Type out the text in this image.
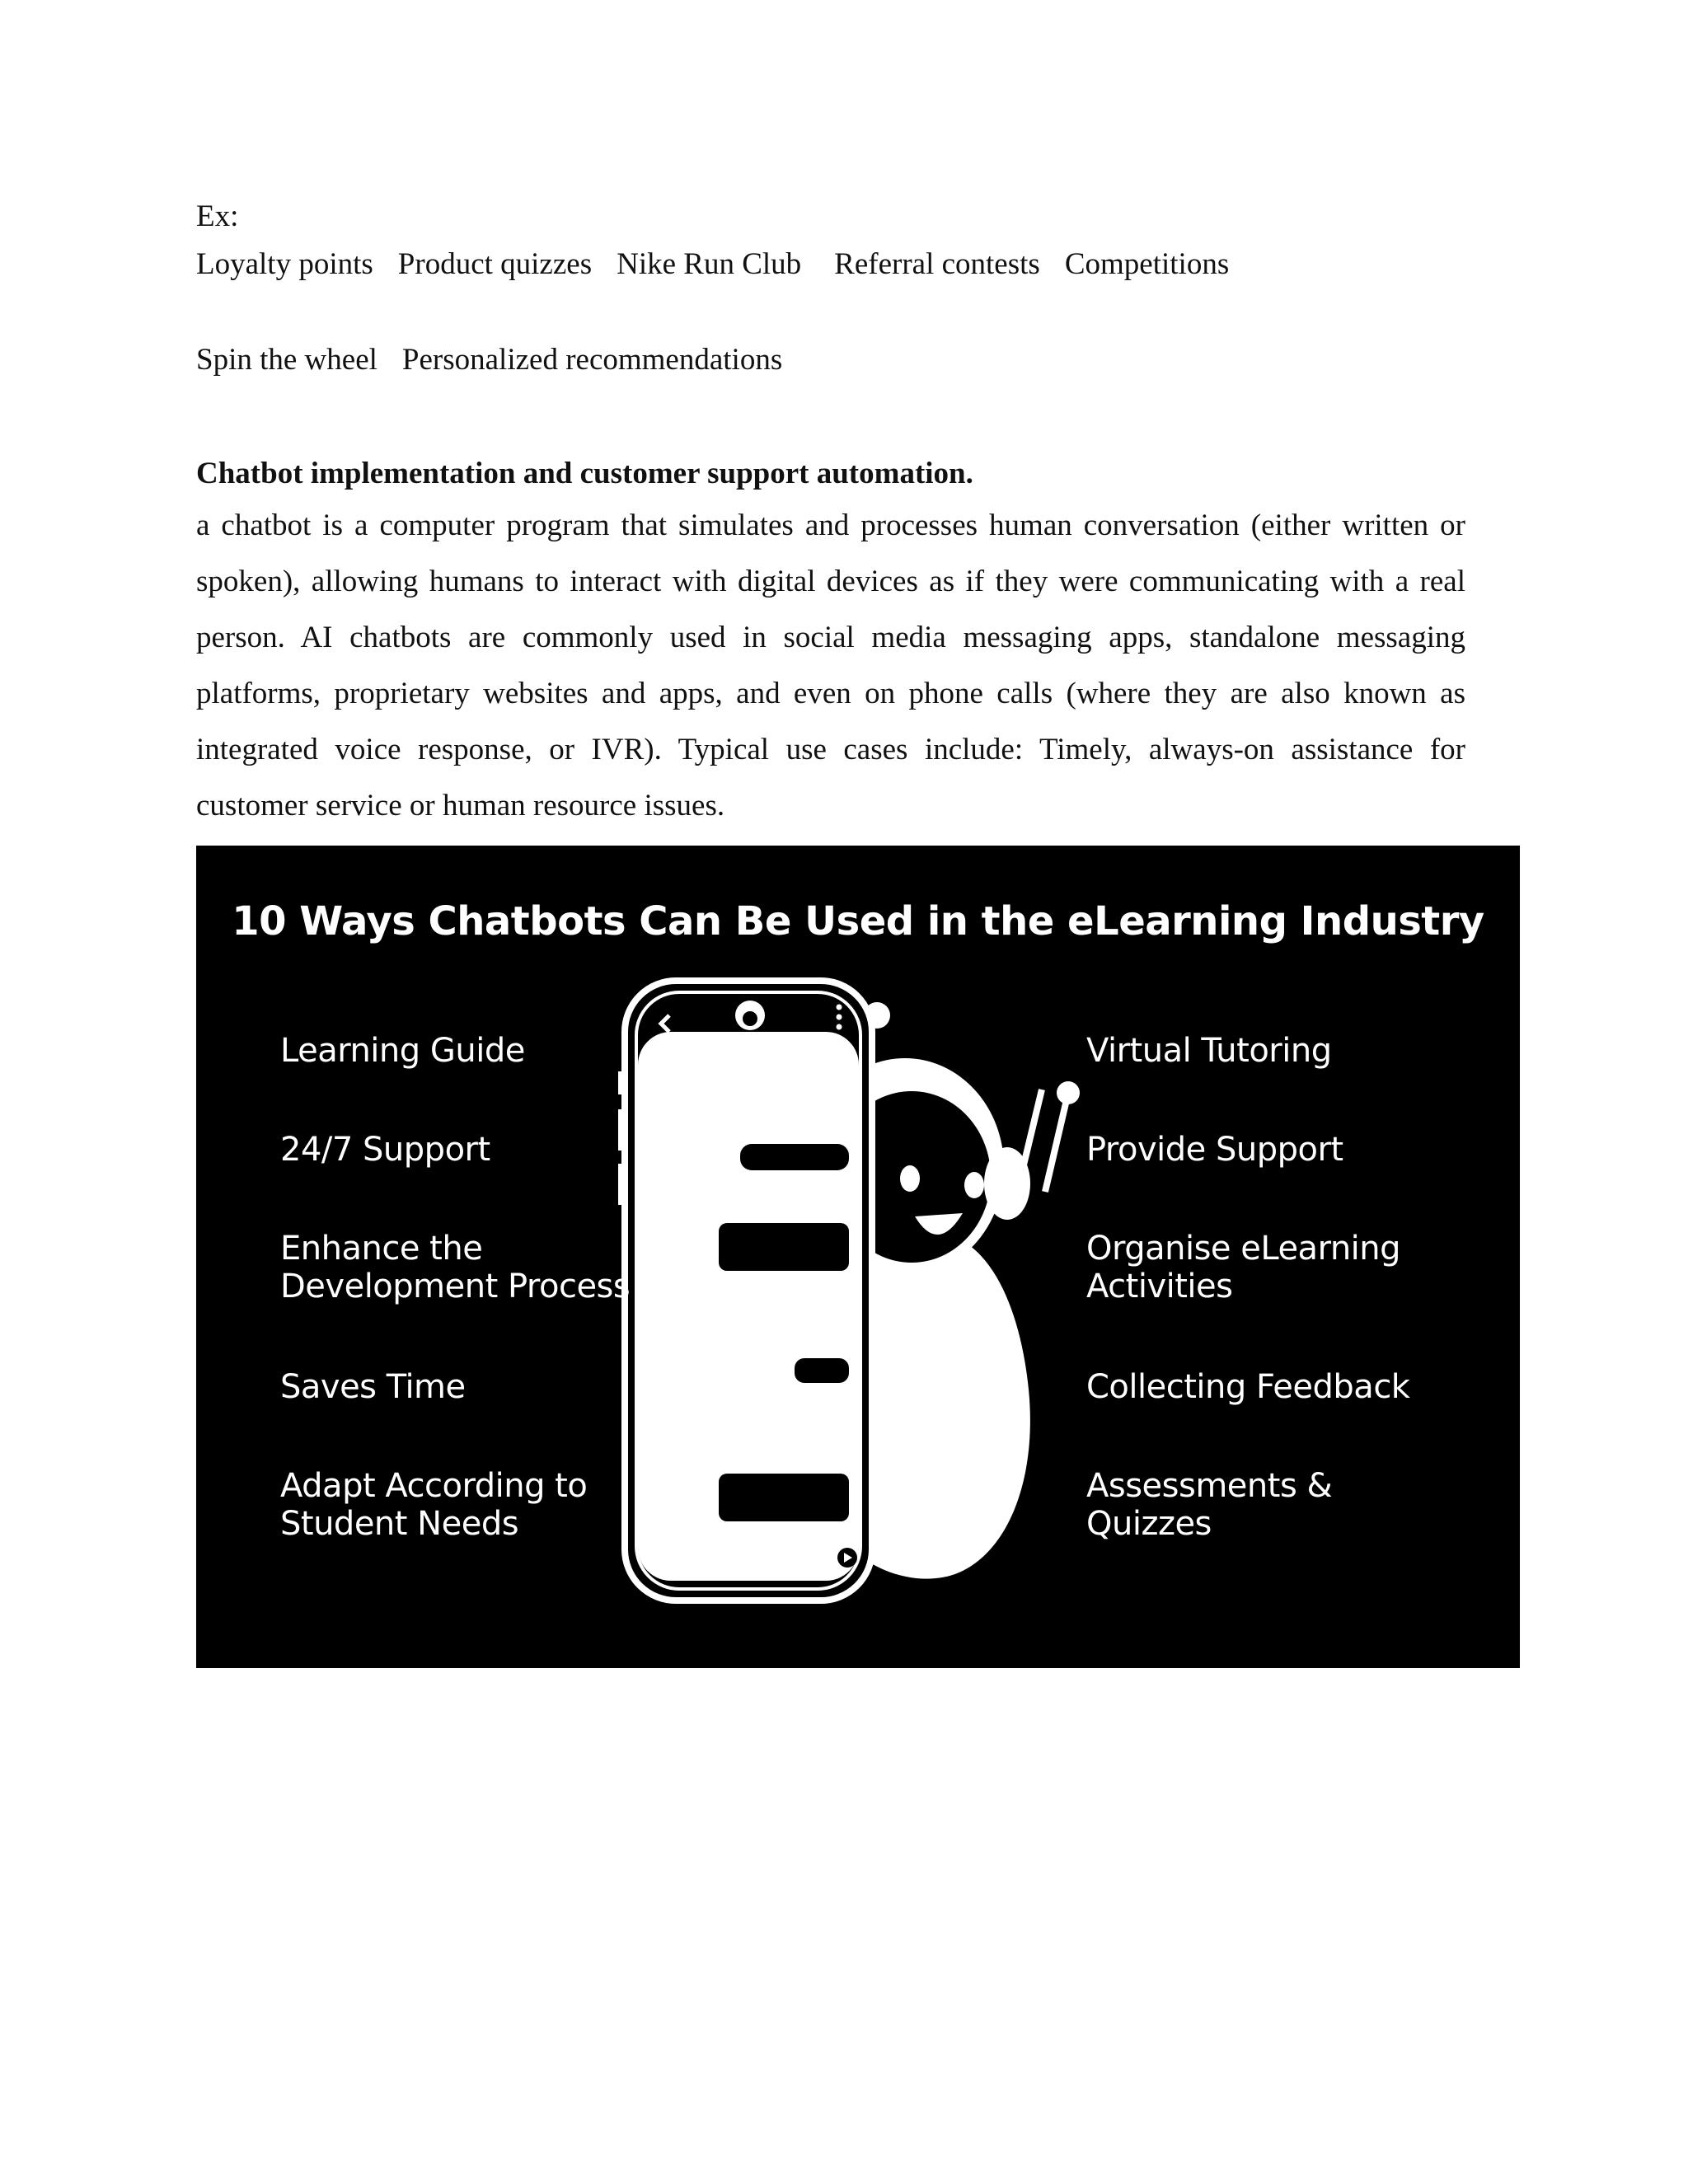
Ex:
Loyalty points Product quizzes Nike Run Club Referral contests Competitions
Spin the wheel Personalized recommendations
Chatbot implementation and customer support automation.

a chatbot is a computer program that simulates and processes human conversation (either written or spoken), allowing humans to interact with digital devices as if they were communicating with a real person. AI chatbots are commonly used in social media messaging apps, standalone messaging platforms, proprietary websites and apps, and even on phone calls (where they are also known as integrated voice response, or IVR). Typical use cases include: Timely, always-on assistance for customer service or human resource issues.

10 Ways Chatbots Can Be Used in the eLearning Industry
Learning Guide
24/7 Support
Enhance the
Development Process
Saves Time
Adapt According to
Student Needs
Virtual Tutoring
Provide Support
Organise eLearning
Activities
Collecting Feedback
Assessments &
Quizzes
